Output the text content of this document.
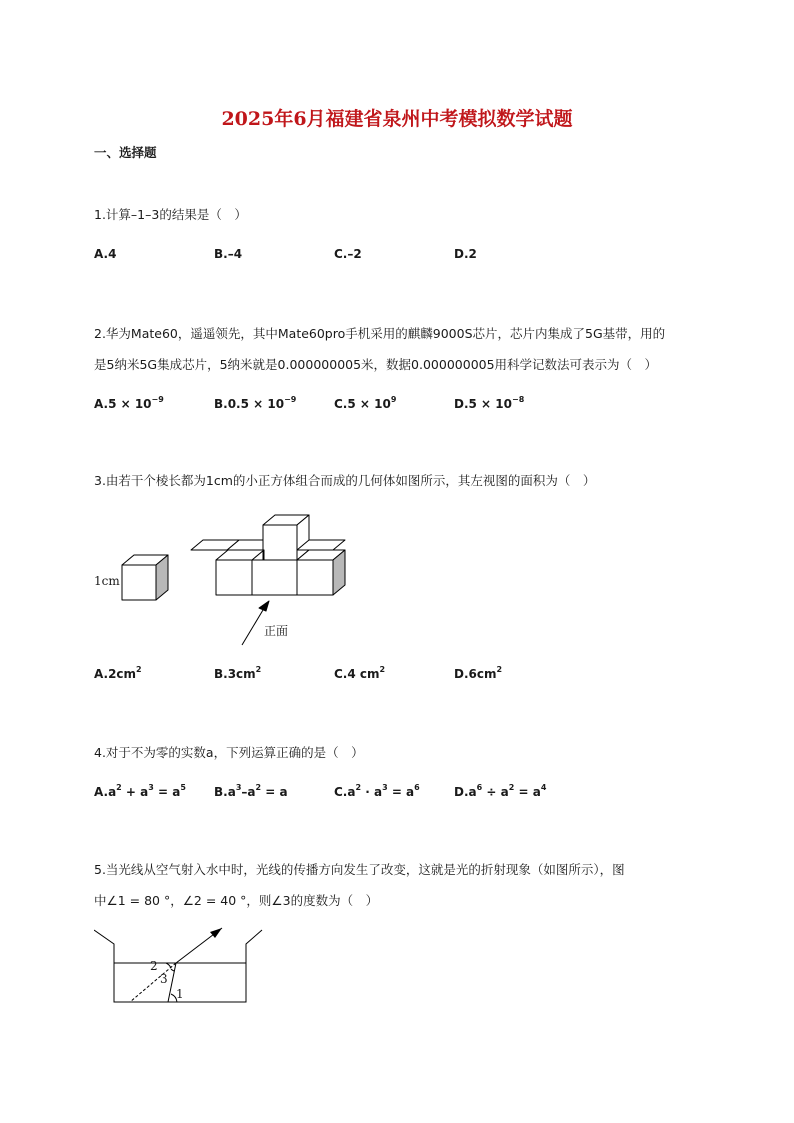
2025年6月福建省泉州中考模拟数学试题
一、选择题
1.计算–1–3的结果是（　）
A.4	B.–4	C.–2	D.2
2.华为Mate60，遥遥领先，其中Mate60pro手机采用的麒麟9000S芯片，芯片内集成了5G基带，用的
是5纳米5G集成芯片，5纳米就是0.000000005米，数据0.000000005用科学记数法可表示为（　）
$A.5 \times 10^{-9}$	$B.0.5 \times 10^{-9}$	$C.5 \times 10^9$	$D.5 \times 10^{-8}$
3.由若干个棱长都为1cm的小正方体组合而成的几何体如图所示，其左视图的面积为（　）
1cm
正面
$A.2cm^2$	$B.3cm^2$	C.4 $cm^2$	$D.6cm^2$
4.对于不为零的实数a，下列运算正确的是（　）
$A.a^2 + a^3 = a^5$ $B.a^3-a^2 = a$	$C.a^2 \cdot a^3 = a^6$	$D.a^6 \div a^2 = a^4$
5.当光线从空气射入水中时，光线的传播方向发生了改变，这就是光的折射现象（如图所示），图
中∠1 = 80 °，∠2 = 40 °，则∠3的度数为（　）
2
3
1
